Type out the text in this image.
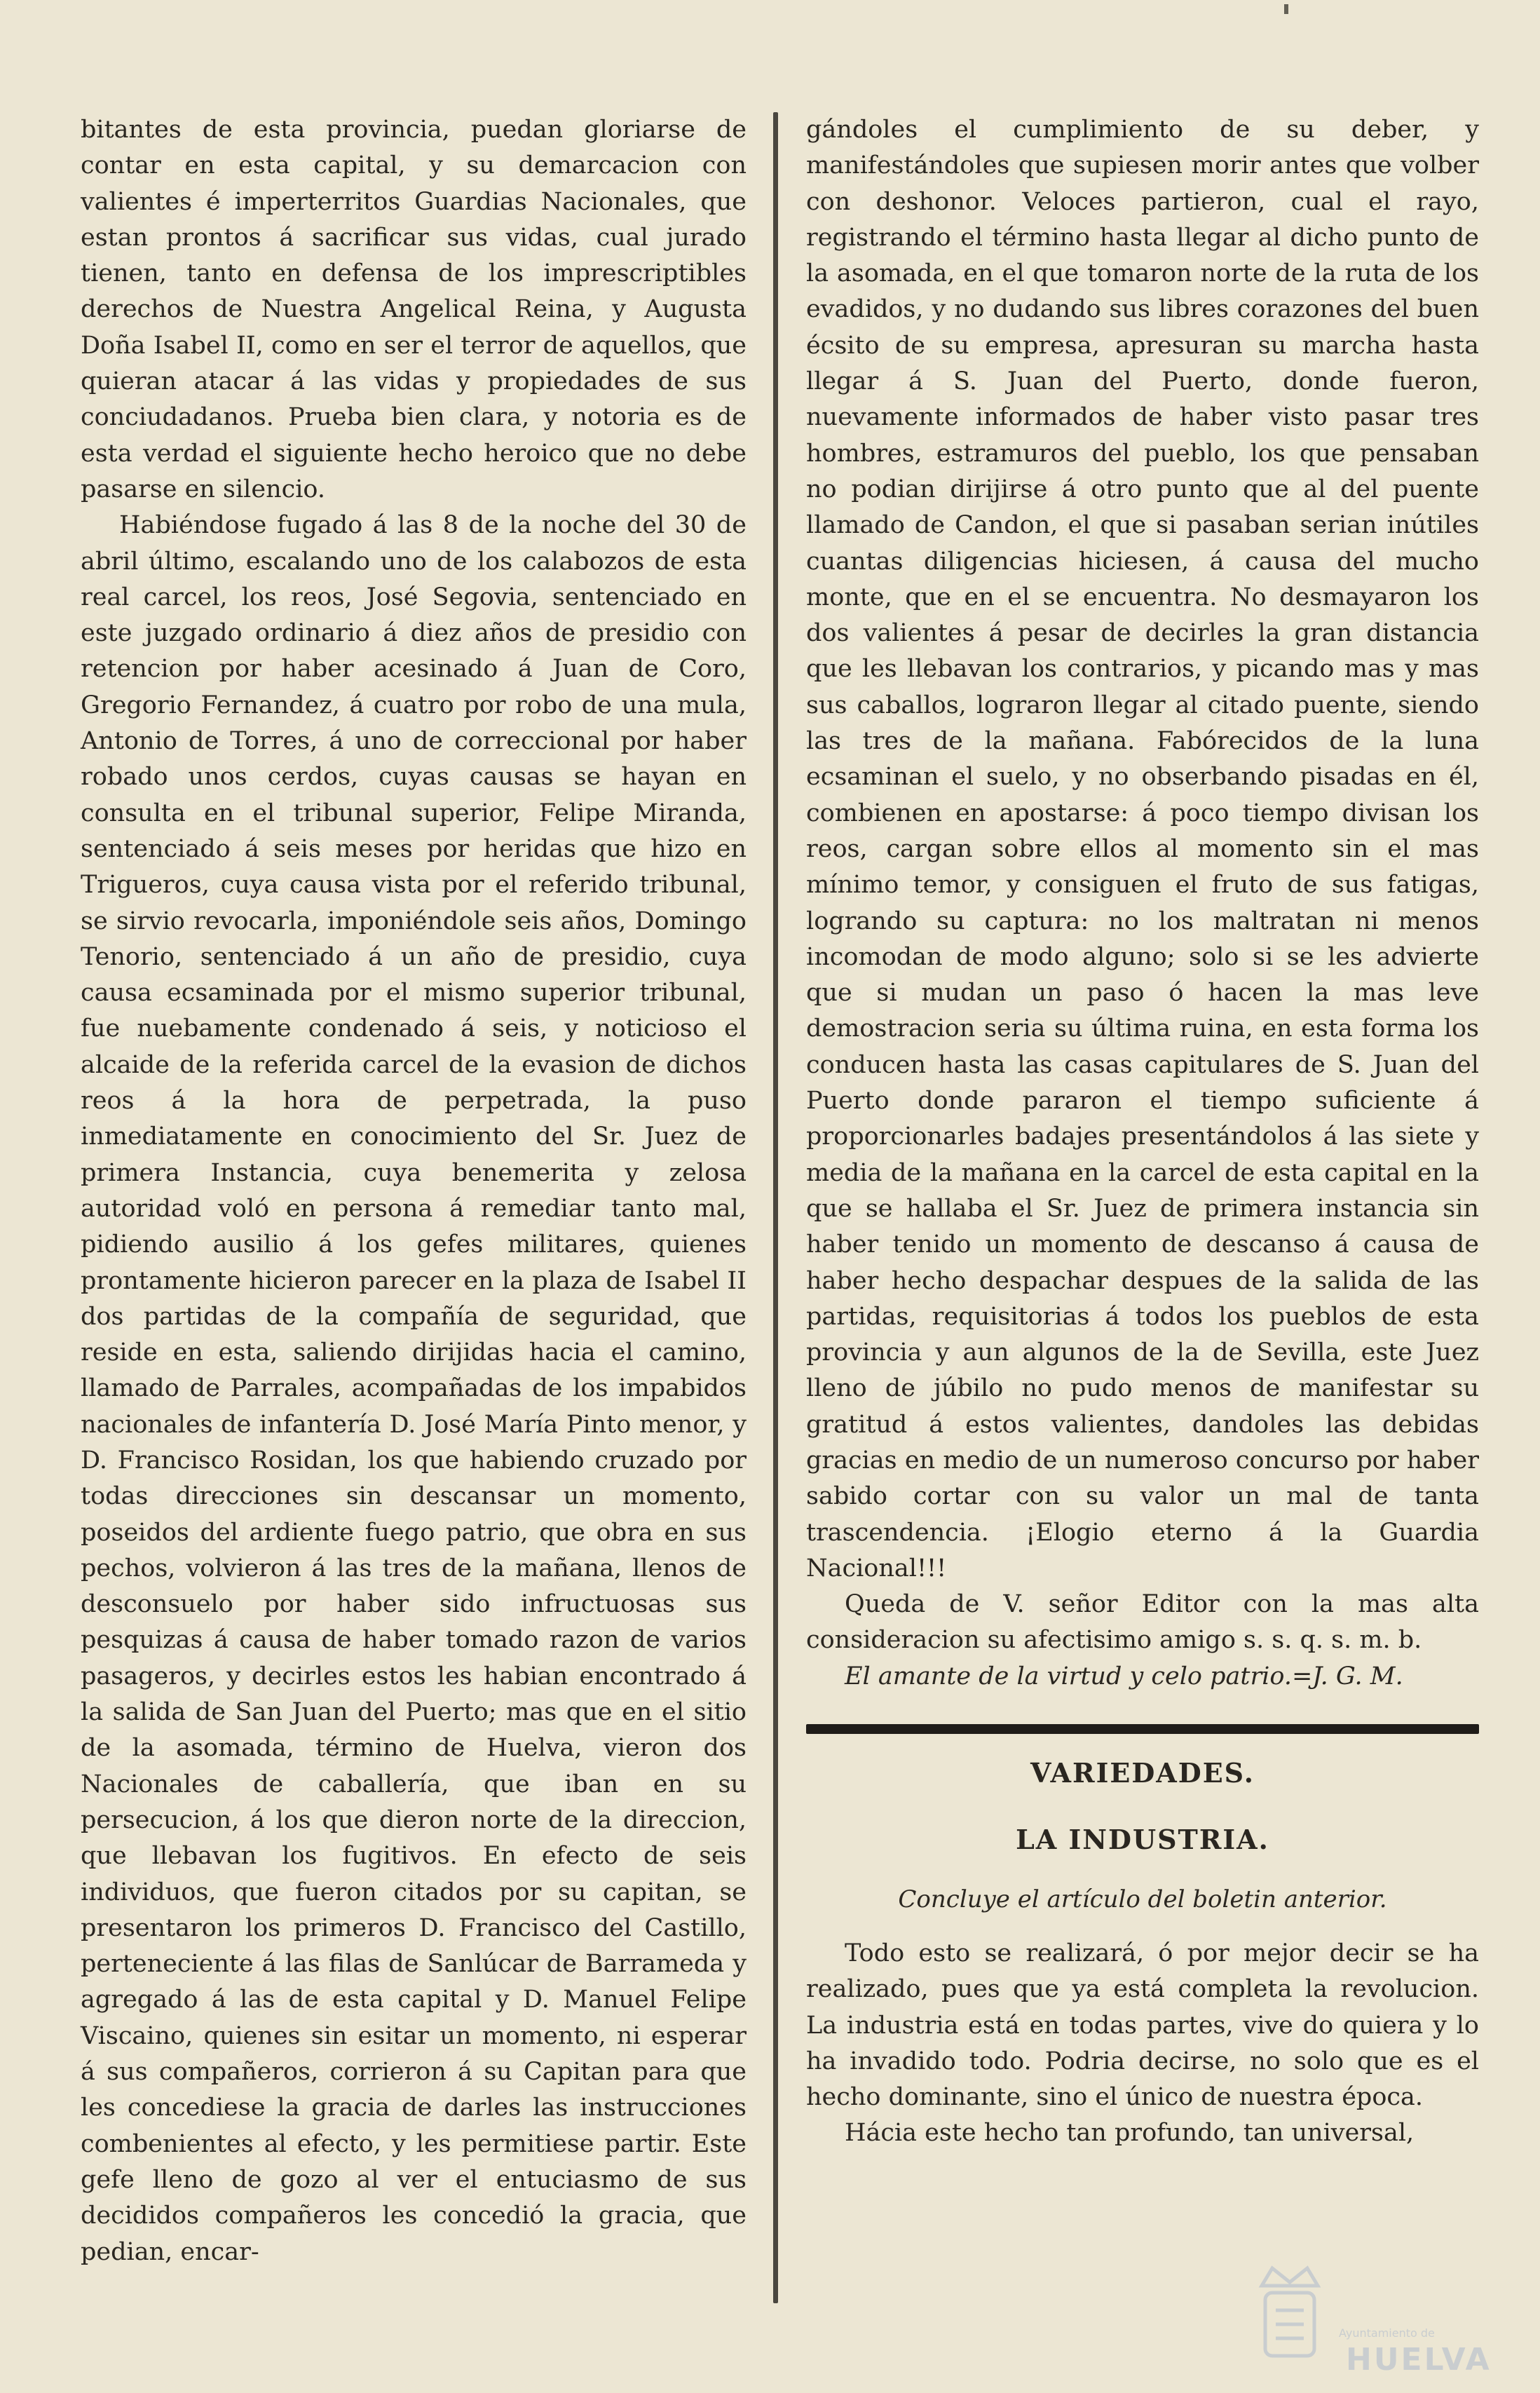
bitantes de esta provincia, puedan gloriarse de contar en esta capital, y su demarcacion con valientes é imperterritos Guardias Nacionales, que estan prontos á sacrificar sus vidas, cual jurado tienen, tanto en defensa de los imprescriptibles derechos de Nuestra Angelical Reina, y Augusta Doña Isabel II, como en ser el terror de aquellos, que quieran atacar á las vidas y propiedades de sus conciudadanos. Prueba bien clara, y notoria es de esta verdad el siguiente hecho heroico que no debe pasarse en silencio.

Habiéndose fugado á las 8 de la noche del 30 de abril último, escalando uno de los calabozos de esta real carcel, los reos, José Segovia, sentenciado en este juzgado ordinario á diez años de presidio con retencion por haber acesinado á Juan de Coro, Gregorio Fernandez, á cuatro por robo de una mula, Antonio de Torres, á uno de correccional por haber robado unos cerdos, cuyas causas se hayan en consulta en el tribunal superior, Felipe Miranda, sentenciado á seis meses por heridas que hizo en Trigueros, cuya causa vista por el referido tribunal, se sirvio revocarla, imponiéndole seis años, Domingo Tenorio, sentenciado á un año de presidio, cuya causa ecsaminada por el mismo superior tribunal, fue nuebamente condenado á seis, y noticioso el alcaide de la referida carcel de la evasion de dichos reos á la hora de perpetrada, la puso inmediatamente en conocimiento del Sr. Juez de primera Instancia, cuya benemerita y zelosa autoridad voló en persona á remediar tanto mal, pidiendo ausilio á los gefes militares, quienes prontamente hicieron parecer en la plaza de Isabel II dos partidas de la compañía de seguridad, que reside en esta, saliendo dirijidas hacia el camino, llamado de Parrales, acompañadas de los impabidos nacionales de infantería D. José María Pinto menor, y D. Francisco Rosidan, los que habiendo cruzado por todas direcciones sin descansar un momento, poseidos del ardiente fuego patrio, que obra en sus pechos, volvieron á las tres de la mañana, llenos de desconsuelo por haber sido infructuosas sus pesquizas á causa de haber tomado razon de varios pasageros, y decirles estos les habian encontrado á la salida de San Juan del Puerto; mas que en el sitio de la asomada, término de Huelva, vieron dos Nacionales de caballería, que iban en su persecucion, á los que dieron norte de la direccion, que llebavan los fugitivos. En efecto de seis individuos, que fueron citados por su capitan, se presentaron los primeros D. Francisco del Castillo, perteneciente á las filas de Sanlúcar de Barrameda y agregado á las de esta capital y D. Manuel Felipe Viscaino, quienes sin esitar un momento, ni esperar á sus compañeros, corrieron á su Capitan para que les concediese la gracia de darles las instrucciones combenientes al efecto, y les permitiese partir. Este gefe lleno de gozo al ver el entuciasmo de sus decididos compañeros les concedió la gracia, que pedian, encar-

gándoles el cumplimiento de su deber, y manifestándoles que supiesen morir antes que volber con deshonor. Veloces partieron, cual el rayo, registrando el término hasta llegar al dicho punto de la asomada, en el que tomaron norte de la ruta de los evadidos, y no dudando sus libres corazones del buen écsito de su empresa, apresuran su marcha hasta llegar á S. Juan del Puerto, donde fueron, nuevamente informados de haber visto pasar tres hombres, estramuros del pueblo, los que pensaban no podian dirijirse á otro punto que al del puente llamado de Candon, el que si pasaban serian inútiles cuantas diligencias hiciesen, á causa del mucho monte, que en el se encuentra. No desmayaron los dos valientes á pesar de decirles la gran distancia que les llebavan los contrarios, y picando mas y mas sus caballos, lograron llegar al citado puente, siendo las tres de la mañana. Fabórecidos de la luna ecsaminan el suelo, y no obserbando pisadas en él, combienen en apostarse: á poco tiempo divisan los reos, cargan sobre ellos al momento sin el mas mínimo temor, y consiguen el fruto de sus fatigas, logrando su captura: no los maltratan ni menos incomodan de modo alguno; solo si se les advierte que si mudan un paso ó hacen la mas leve demostracion seria su última ruina, en esta forma los conducen hasta las casas capitulares de S. Juan del Puerto donde pararon el tiempo suficiente á proporcionarles badajes presentándolos á las siete y media de la mañana en la carcel de esta capital en la que se hallaba el Sr. Juez de primera instancia sin haber tenido un momento de descanso á causa de haber hecho despachar despues de la salida de las partidas, requisitorias á todos los pueblos de esta provincia y aun algunos de la de Sevilla, este Juez lleno de júbilo no pudo menos de manifestar su gratitud á estos valientes, dandoles las debidas gracias en medio de un numeroso concurso por haber sabido cortar con su valor un mal de tanta trascendencia. ¡Elogio eterno á la Guardia Nacional!!!

Queda de V. señor Editor con la mas alta consideracion su afectisimo amigo s. s. q. s. m. b.

El amante de la virtud y celo patrio.=J. G. M.

VARIEDADES.
LA INDUSTRIA.
Concluye el artículo del boletin anterior.

Todo esto se realizará, ó por mejor decir se ha realizado, pues que ya está completa la revolucion. La industria está en todas partes, vive do quiera y lo ha invadido todo. Podria decirse, no solo que es el hecho dominante, sino el único de nuestra época.

Hácia este hecho tan profundo, tan universal,

Ayuntamiento de
HUELVA
